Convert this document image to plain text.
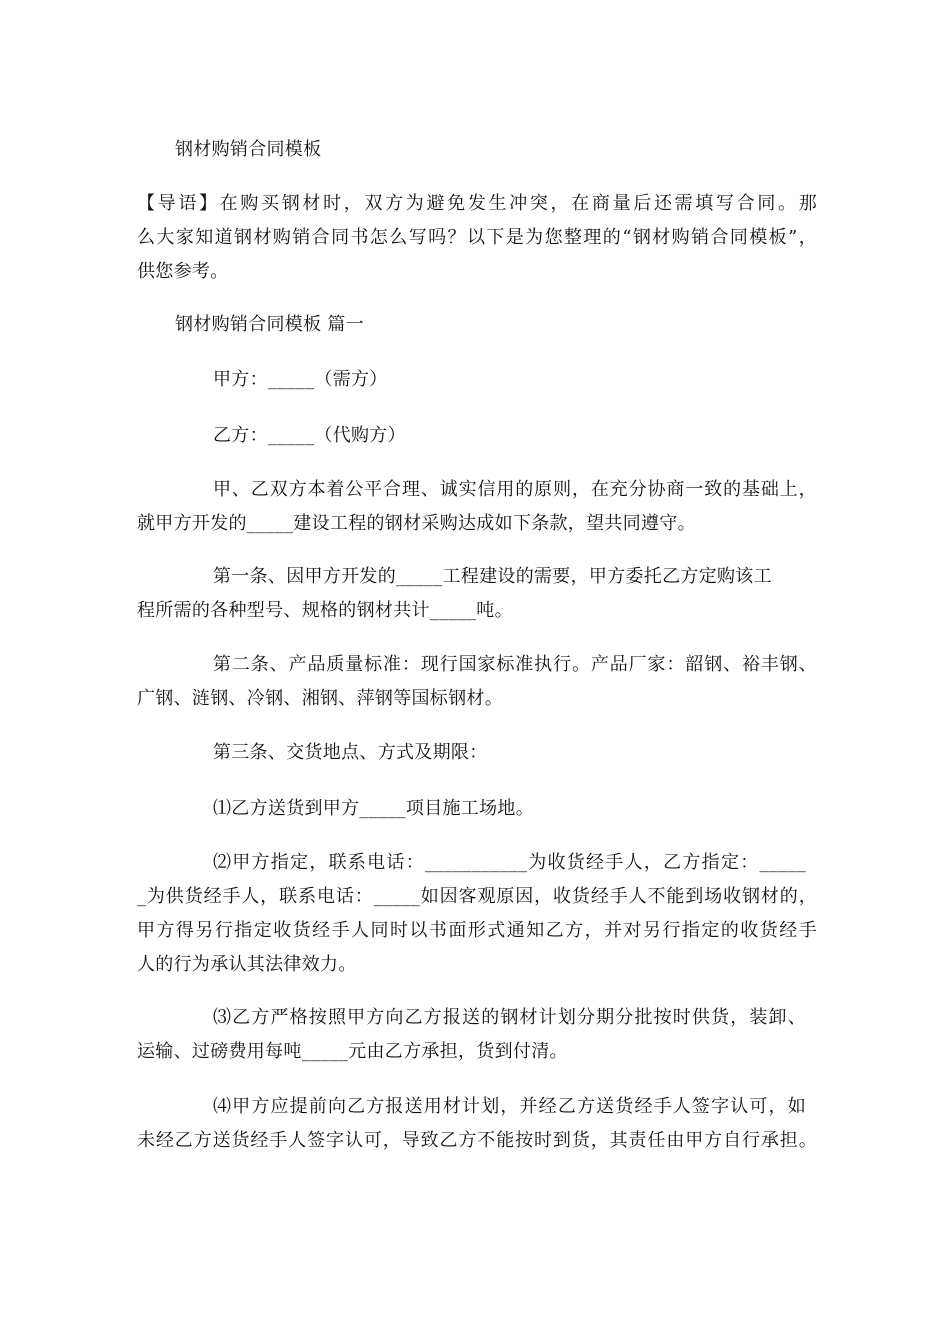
钢材购销合同模板
【导语】在购买钢材时，双方为避免发生冲突，在商量后还需填写合同。那
么大家知道钢材购销合同书怎么写吗？以下是为您整理的“钢材购销合同模板”，
供您参考。
钢材购销合同模板 篇一
甲方：_____（需方）
乙方：_____（代购方）
甲、乙双方本着公平合理、诚实信用的原则，在充分协商一致的基础上，
就甲方开发的_____建设工程的钢材采购达成如下条款，望共同遵守。
第一条、因甲方开发的_____工程建设的需要，甲方委托乙方定购该工
程所需的各种型号、规格的钢材共计_____吨。
第二条、产品质量标准：现行国家标准执行。产品厂家：韶钢、裕丰钢、
广钢、涟钢、冷钢、湘钢、萍钢等国标钢材。
第三条、交货地点、方式及期限：
⑴乙方送货到甲方_____项目施工场地。
⑵甲方指定，联系电话：___________为收货经手人，乙方指定：_____
_为供货经手人，联系电话：_____如因客观原因，收货经手人不能到场收钢材的，
甲方得另行指定收货经手人同时以书面形式通知乙方，并对另行指定的收货经手
人的行为承认其法律效力。
⑶乙方严格按照甲方向乙方报送的钢材计划分期分批按时供货，装卸、
运输、过磅费用每吨_____元由乙方承担，货到付清。
⑷甲方应提前向乙方报送用材计划，并经乙方送货经手人签字认可，如
未经乙方送货经手人签字认可，导致乙方不能按时到货，其责任由甲方自行承担。
